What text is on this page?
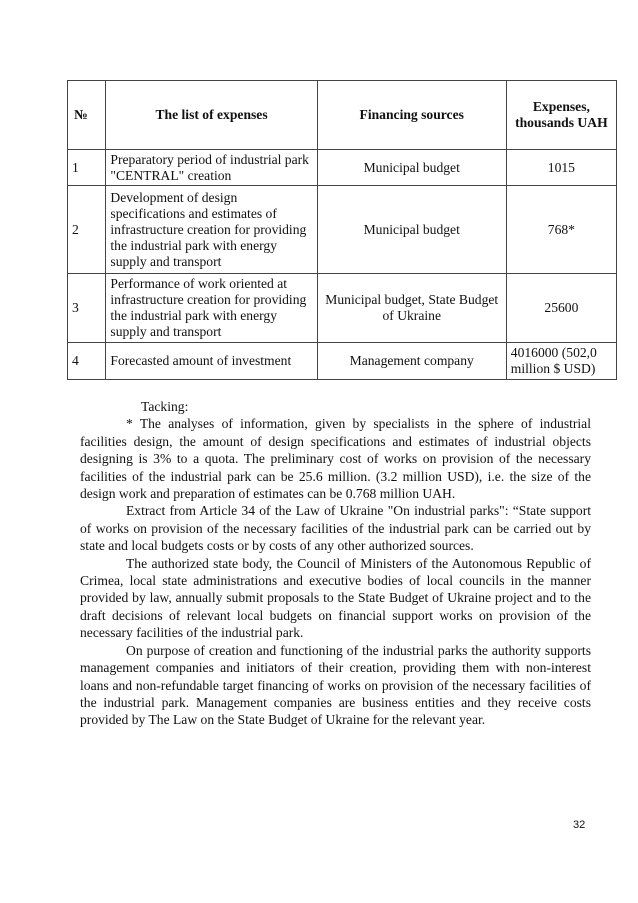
№	The list of expenses	Financing sources	Expenses, thousands UAH
1	Preparatory period of industrial park "CENTRAL" creation	Municipal budget	1015
2	Development of design specifications and estimates of infrastructure creation for providing the industrial park with energy supply and transport	Municipal budget	768*
3	Performance of work oriented at infrastructure creation for providing the industrial park with energy supply and transport	Municipal budget, State Budget of Ukraine	25600
4	Forecasted amount of investment	Management company	4016000 (502,0 million $ USD)

Tacking:

* The analyses of information, given by specialists in the sphere of industrial facilities design, the amount of design specifications and estimates of industrial objects designing is 3% to a quota. The preliminary cost of works on provision of the necessary facilities of the industrial park can be 25.6 million. (3.2 million USD), i.e. the size of the design work and preparation of estimates can be 0.768 million UAH.

Extract from Article 34 of the Law of Ukraine "On industrial parks": “State support of works on provision of the necessary facilities of the industrial park can be carried out by state and local budgets costs or by costs of any other authorized sources.

The authorized state body, the Council of Ministers of the Autonomous Republic of Crimea, local state administrations and executive bodies of local councils in the manner provided by law, annually submit proposals to the State Budget of Ukraine project and to the draft decisions of relevant local budgets on financial support works on provision of the necessary facilities of the industrial park.

On purpose of creation and functioning of the industrial parks the authority supports management companies and initiators of their creation, providing them with non-interest loans and non-refundable target financing of works on provision of the necessary facilities of the industrial park. Management companies are business entities and they receive costs provided by The Law on the State Budget of Ukraine for the relevant year.

32
